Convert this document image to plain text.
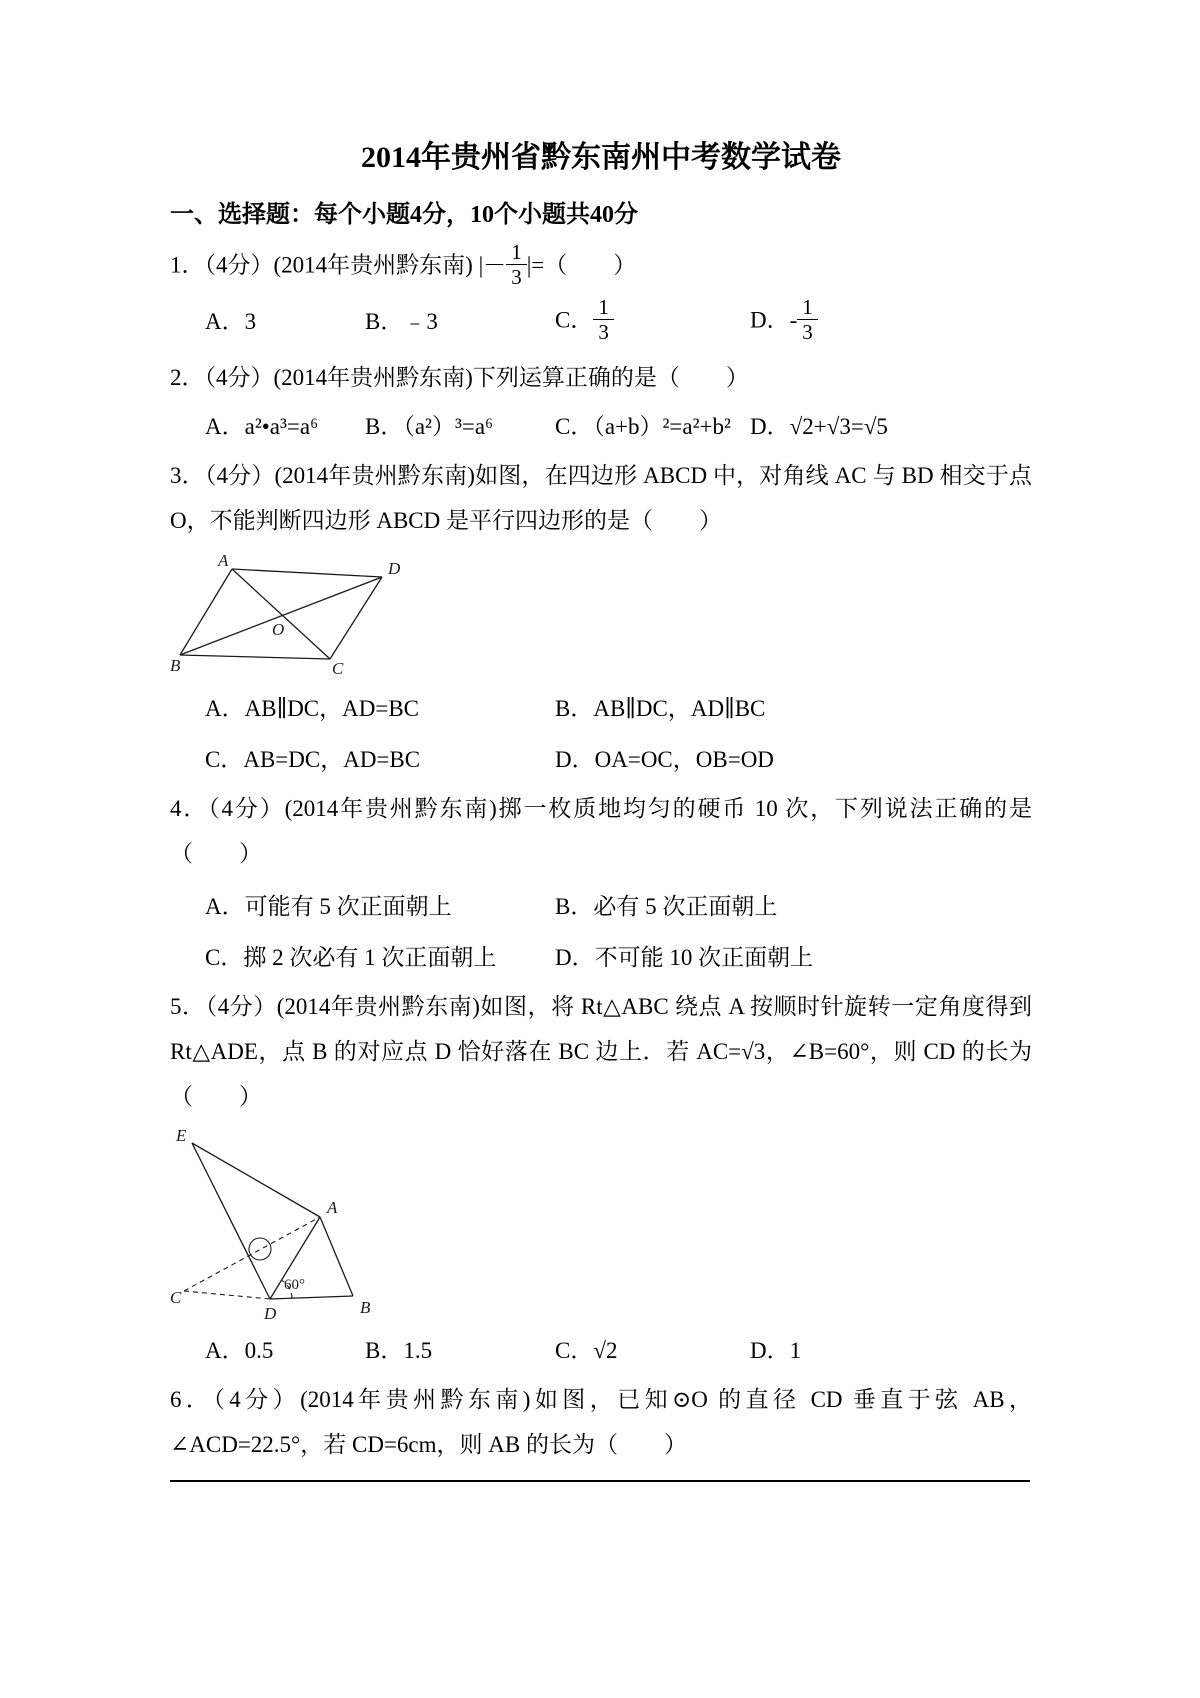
2014年贵州省黔东南州中考数学试卷

一、选择题：每个小题4分，10个小题共40分

1．（4分）(2014年贵州黔东南) |－ $\frac{1}{3}$ |=（　　）

A．3	B．﹣3	C． $\frac{1}{3}$	D．- $\frac{1}{3}$

2．（4分）(2014年贵州黔东南)下列运算正确的是（　　）

A．a²•a³=a⁶	B．（a²）³=a⁶	C．（a+b）²=a²+b² D．√2+√3=√5

3．（4分）(2014年贵州黔东南)如图，在四边形 ABCD 中，对角线 AC 与 BD 相交于点 O，不能判断四边形 ABCD 是平行四边形的是（　　）

A	D
B	C
O
A．AB∥DC，AD=BC	B．AB∥DC，AD∥BC
C．AB=DC，AD=BC	D．OA=OC，OB=OD

4．（4分）(2014年贵州黔东南)掷一枚质地均匀的硬币 10 次，下列说法正确的是（　　）

A．可能有 5 次正面朝上	B．必有 5 次正面朝上
C．掷 2 次必有 1 次正面朝上	D．不可能 10 次正面朝上

5．（4分）(2014年贵州黔东南)如图，将 Rt△ABC 绕点 A 按顺时针旋转一定角度得到 Rt△ADE，点 B 的对应点 D 恰好落在 BC 边上．若 AC=√3，∠B=60°，则 CD 的长为（　　）

E
A
C
D	B
60°
A．0.5	B．1.5	C．√2	D．1

6．（4分）(2014年贵州黔东南)如图，已知⊙O 的直径 CD 垂直于弦 AB，∠ACD=22.5°，若 CD=6cm，则 AB 的长为（　　）
